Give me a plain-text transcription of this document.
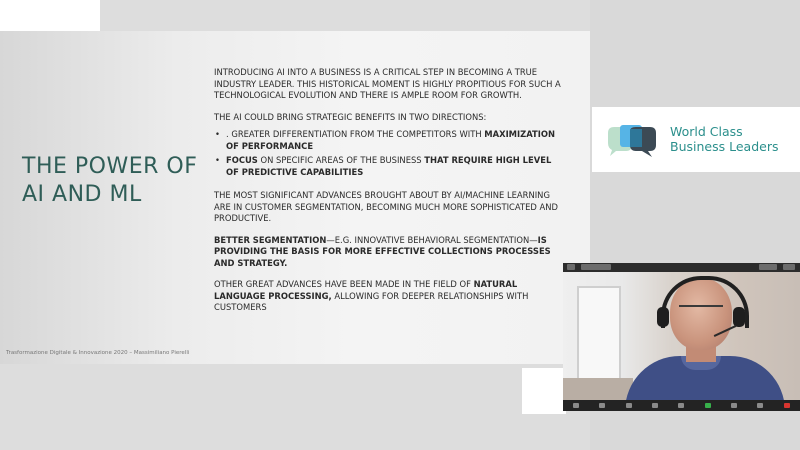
THE POWER OF AI AND ML

INTRODUCING AI INTO A BUSINESS IS A CRITICAL STEP IN BECOMING A TRUE INDUSTRY LEADER. THIS HISTORICAL MOMENT IS HIGHLY PROPITIOUS FOR SUCH A TECHNOLOGICAL EVOLUTION AND THERE IS AMPLE ROOM FOR GROWTH.

THE AI COULD BRING STRATEGIC BENEFITS IN TWO DIRECTIONS:

• . GREATER DIFFERENTIATION FROM THE COMPETITORS WITH MAXIMIZATION OF PERFORMANCE
• FOCUS ON SPECIFIC AREAS OF THE BUSINESS THAT REQUIRE HIGH LEVEL OF PREDICTIVE CAPABILITIES

THE MOST SIGNIFICANT ADVANCES BROUGHT ABOUT BY AI/MACHINE LEARNING ARE IN CUSTOMER SEGMENTATION, BECOMING MUCH MORE SOPHISTICATED AND PRODUCTIVE.

BETTER SEGMENTATION—E.G. INNOVATIVE BEHAVIORAL SEGMENTATION—IS PROVIDING THE BASIS FOR MORE EFFECTIVE COLLECTIONS PROCESSES AND STRATEGY.

OTHER GREAT ADVANCES HAVE BEEN MADE IN THE FIELD OF NATURAL LANGUAGE PROCESSING, ALLOWING FOR DEEPER RELATIONSHIPS WITH CUSTOMERS

Trasformazione Digitale & Innovazione 2020 – Massimiliano Pierelli
World Class
Business Leaders
